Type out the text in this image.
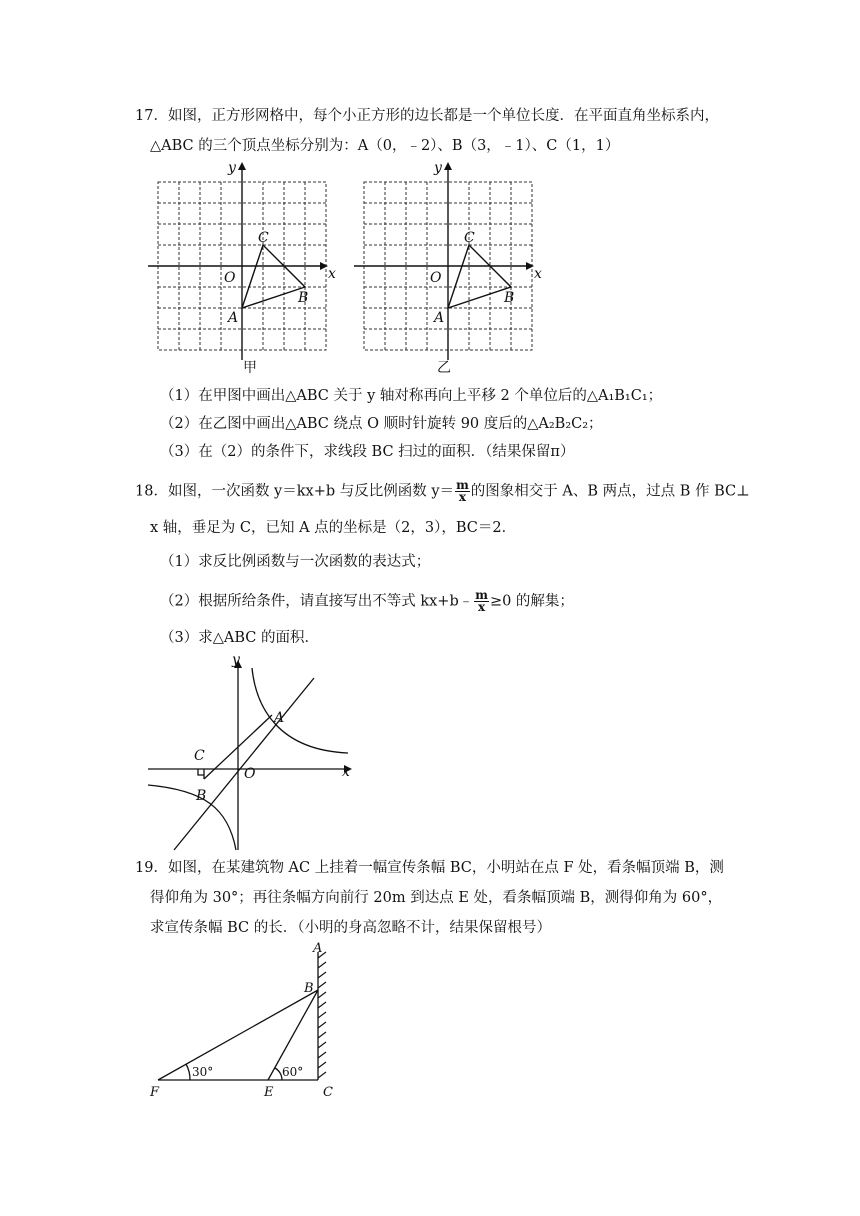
17．如图，正方形网格中，每个小正方形的边长都是一个单位长度．在平面直角坐标系内，
△ABC 的三个顶点坐标分别为：A（0，﹣2）、B（3，﹣1）、C（1，1）
y
x
O
A
B
C
甲
y
x
O
A
B
C
乙
（1）在甲图中画出△ABC 关于 y 轴对称再向上平移 2 个单位后的△A₁B₁C₁；
（2）在乙图中画出△ABC 绕点 O 顺时针旋转 90 度后的△A₂B₂C₂；
（3）在（2）的条件下，求线段 BC 扫过的面积．（结果保留π）
18．如图，一次函数 y＝kx+b 与反比例函数 $y= \frac{m}{x}$ 的图象相交于 A、B 两点，过点 B 作 BC⊥
x 轴，垂足为 C，已知 A 点的坐标是（2，3），BC＝2．
（1）求反比例函数与一次函数的表达式；
（2）根据所给条件，请直接写出不等式 kx+b﹣ $\frac{m}{x} \ge 0$ 的解集；
（3）求△ABC 的面积．
y
x
O
A
B
C
19．如图，在某建筑物 AC 上挂着一幅宣传条幅 BC，小明站在点 F 处，看条幅顶端 B，测
得仰角为 30°；再往条幅方向前行 20m 到达点 E 处，看条幅顶端 B，测得仰角为 60°，
求宣传条幅 BC 的长．（小明的身高忽略不计，结果保留根号）
A
B
C
E
F
30°	60°
